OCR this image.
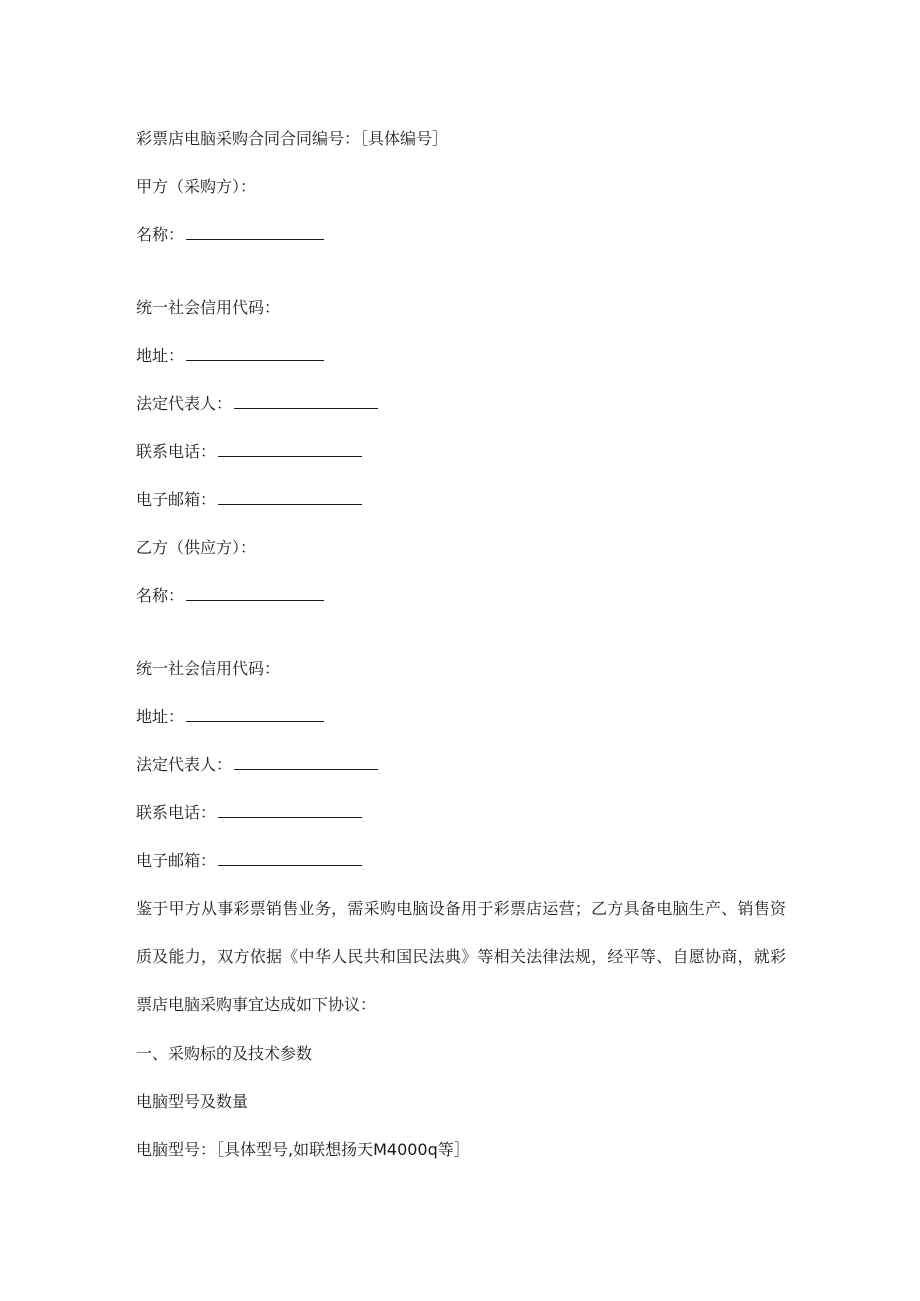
彩票店电脑采购合同合同编号：［具体编号］
甲方（采购方）：
名称：
统一社会信用代码：
地址：
法定代表人：
联系电话：
电子邮箱：
乙方（供应方）：
名称：
统一社会信用代码：
地址：
法定代表人：
联系电话：
电子邮箱：
鉴于甲方从事彩票销售业务，需采购电脑设备用于彩票店运营；乙方具备电脑生产、销售资质及能力，双方依据《中华人民共和国民法典》等相关法律法规，经平等、自愿协商，就彩票店电脑采购事宜达成如下协议：
一、采购标的及技术参数
电脑型号及数量
电脑型号：［具体型号,如联想扬天M4000q等］
